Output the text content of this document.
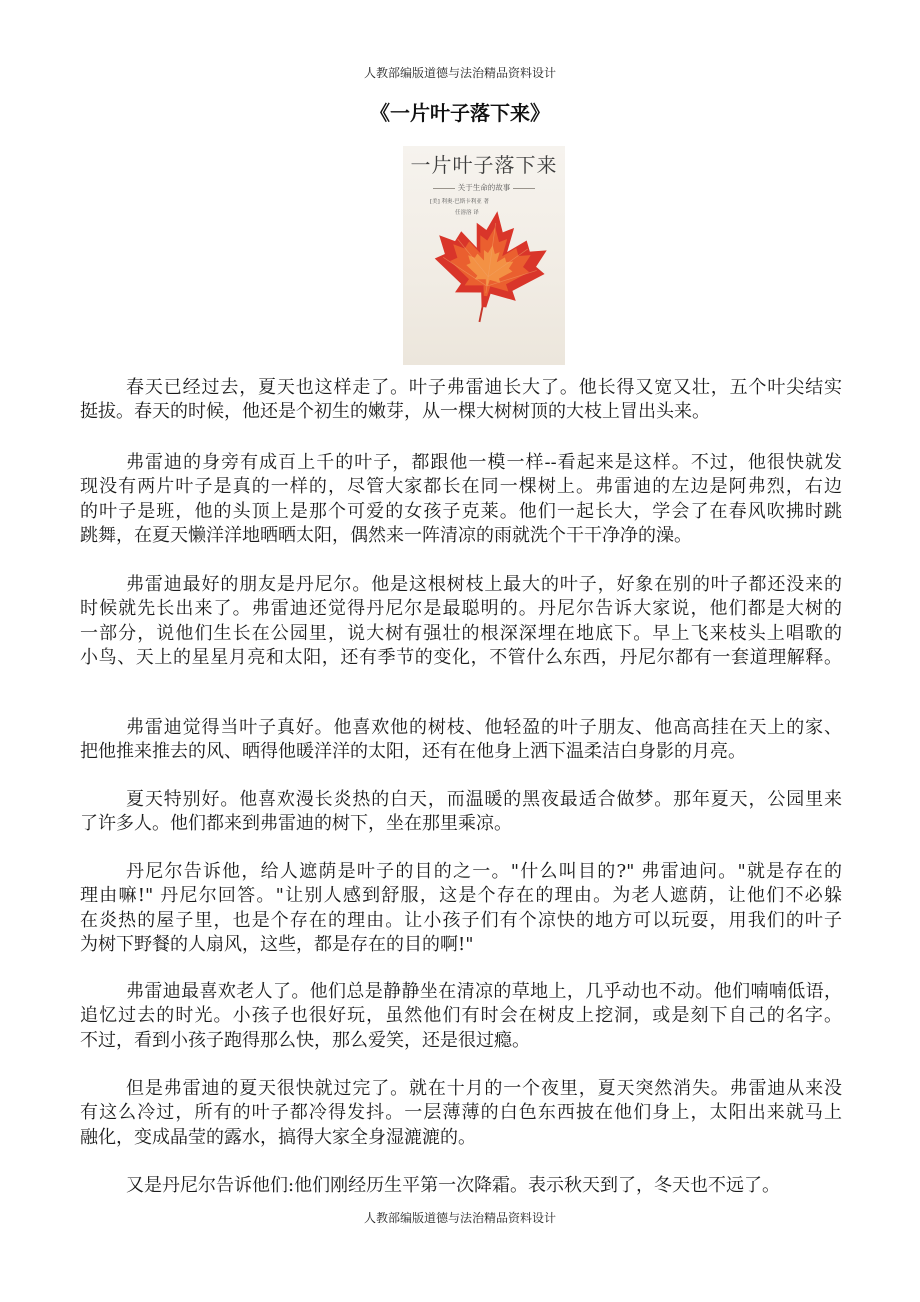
人教部编版道德与法治精品资料设计
《一片叶子落下来》
一片叶子落下来
关于生命的故事
[美] 利奥·巴斯卡利亚 著
任溶溶 译
春天已经过去，夏天也这样走了。叶子弗雷迪长大了。他长得又宽又壮，五个叶尖结实
挺拔。春天的时候，他还是个初生的嫩芽，从一棵大树树顶的大枝上冒出头来。
弗雷迪的身旁有成百上千的叶子，都跟他一模一样--看起来是这样。不过，他很快就发
现没有两片叶子是真的一样的，尽管大家都长在同一棵树上。弗雷迪的左边是阿弗烈，右边
的叶子是班，他的头顶上是那个可爱的女孩子克莱。他们一起长大，学会了在春风吹拂时跳
跳舞，在夏天懒洋洋地晒晒太阳，偶然来一阵清凉的雨就洗个干干净净的澡。
弗雷迪最好的朋友是丹尼尔。他是这根树枝上最大的叶子，好象在别的叶子都还没来的
时候就先长出来了。弗雷迪还觉得丹尼尔是最聪明的。丹尼尔告诉大家说，他们都是大树的
一部分，说他们生长在公园里，说大树有强壮的根深深埋在地底下。早上飞来枝头上唱歌的
小鸟、天上的星星月亮和太阳，还有季节的变化，不管什么东西，丹尼尔都有一套道理解释。
弗雷迪觉得当叶子真好。他喜欢他的树枝、他轻盈的叶子朋友、他高高挂在天上的家、
把他推来推去的风、晒得他暖洋洋的太阳，还有在他身上洒下温柔洁白身影的月亮。
夏天特别好。他喜欢漫长炎热的白天，而温暖的黑夜最适合做梦。那年夏天，公园里来
了许多人。他们都来到弗雷迪的树下，坐在那里乘凉。
丹尼尔告诉他，给人遮荫是叶子的目的之一。"什么叫目的?" 弗雷迪问。"就是存在的
理由嘛!" 丹尼尔回答。"让别人感到舒服，这是个存在的理由。为老人遮荫，让他们不必躲
在炎热的屋子里，也是个存在的理由。让小孩子们有个凉快的地方可以玩耍，用我们的叶子
为树下野餐的人扇风，这些，都是存在的目的啊!"
弗雷迪最喜欢老人了。他们总是静静坐在清凉的草地上，几乎动也不动。他们喃喃低语，
追忆过去的时光。小孩子也很好玩，虽然他们有时会在树皮上挖洞，或是刻下自己的名字。
不过，看到小孩子跑得那么快，那么爱笑，还是很过瘾。
但是弗雷迪的夏天很快就过完了。就在十月的一个夜里，夏天突然消失。弗雷迪从来没
有这么冷过，所有的叶子都冷得发抖。一层薄薄的白色东西披在他们身上，太阳出来就马上
融化，变成晶莹的露水，搞得大家全身湿漉漉的。
又是丹尼尔告诉他们:他们刚经历生平第一次降霜。表示秋天到了，冬天也不远了。
人教部编版道德与法治精品资料设计
